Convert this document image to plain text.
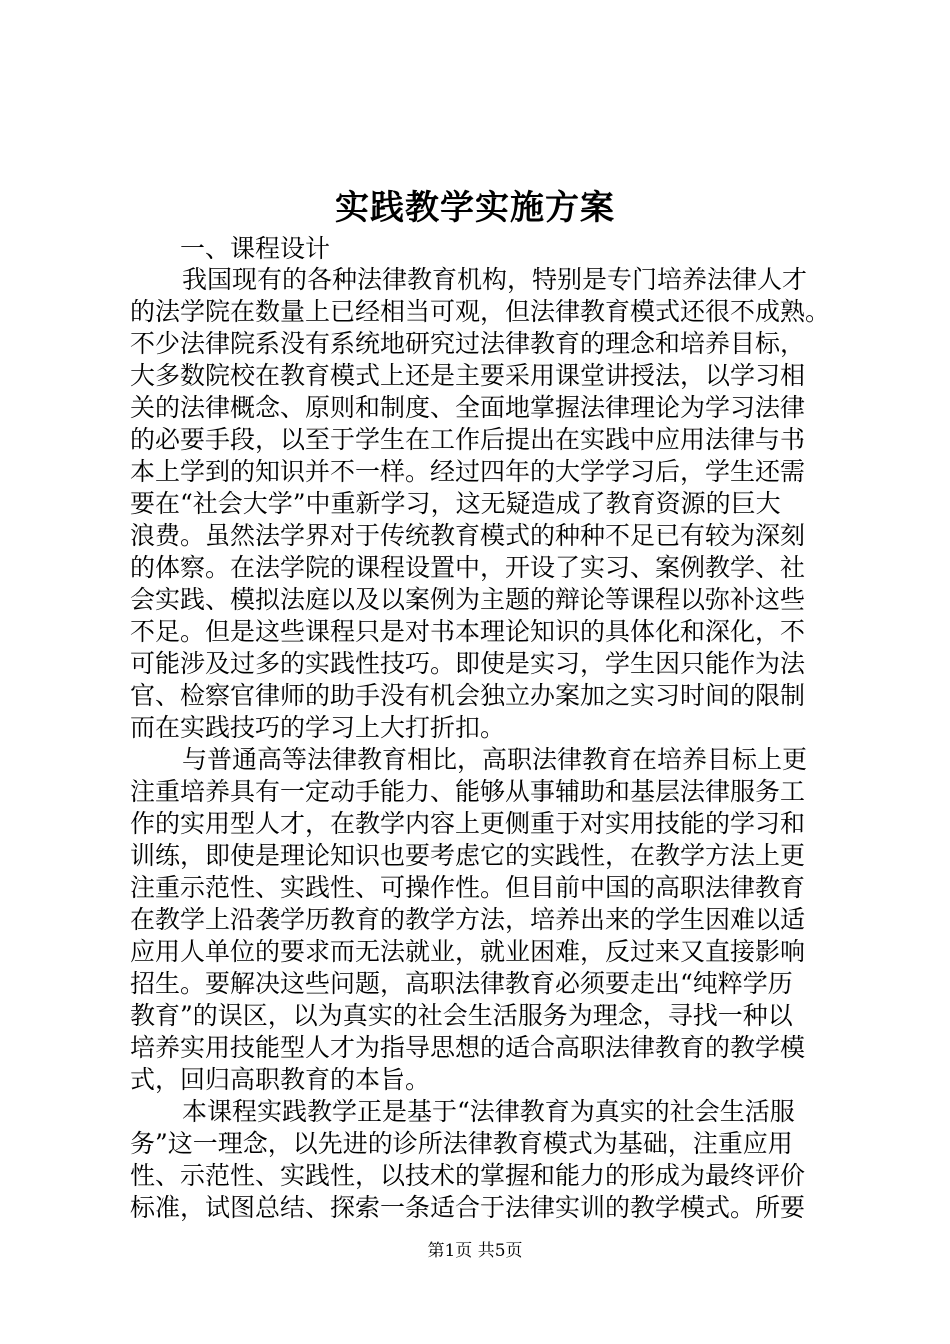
实践教学实施方案
一、课程设计
我国现有的各种法律教育机构，特别是专门培养法律人才
的法学院在数量上已经相当可观，但法律教育模式还很不成熟。
不少法律院系没有系统地研究过法律教育的理念和培养目标，
大多数院校在教育模式上还是主要采用课堂讲授法，以学习相
关的法律概念、原则和制度、全面地掌握法律理论为学习法律
的必要手段，以至于学生在工作后提出在实践中应用法律与书
本上学到的知识并不一样。经过四年的大学学习后，学生还需
要在“社会大学”中重新学习，这无疑造成了教育资源的巨大
浪费。虽然法学界对于传统教育模式的种种不足已有较为深刻
的体察。在法学院的课程设置中，开设了实习、案例教学、社
会实践、模拟法庭以及以案例为主题的辩论等课程以弥补这些
不足。但是这些课程只是对书本理论知识的具体化和深化，不
可能涉及过多的实践性技巧。即使是实习，学生因只能作为法
官、检察官律师的助手没有机会独立办案加之实习时间的限制
而在实践技巧的学习上大打折扣。
与普通高等法律教育相比，高职法律教育在培养目标上更
注重培养具有一定动手能力、能够从事辅助和基层法律服务工
作的实用型人才，在教学内容上更侧重于对实用技能的学习和
训练，即使是理论知识也要考虑它的实践性，在教学方法上更
注重示范性、实践性、可操作性。但目前中国的高职法律教育
在教学上沿袭学历教育的教学方法，培养出来的学生因难以适
应用人单位的要求而无法就业，就业困难，反过来又直接影响
招生。要解决这些问题，高职法律教育必须要走出“纯粹学历
教育”的误区，以为真实的社会生活服务为理念，寻找一种以
培养实用技能型人才为指导思想的适合高职法律教育的教学模
式，回归高职教育的本旨。
本课程实践教学正是基于“法律教育为真实的社会生活服
务”这一理念，以先进的诊所法律教育模式为基础，注重应用
性、示范性、实践性，以技术的掌握和能力的形成为最终评价
标准，试图总结、探索一条适合于法律实训的教学模式。所要
第1页 共5页
